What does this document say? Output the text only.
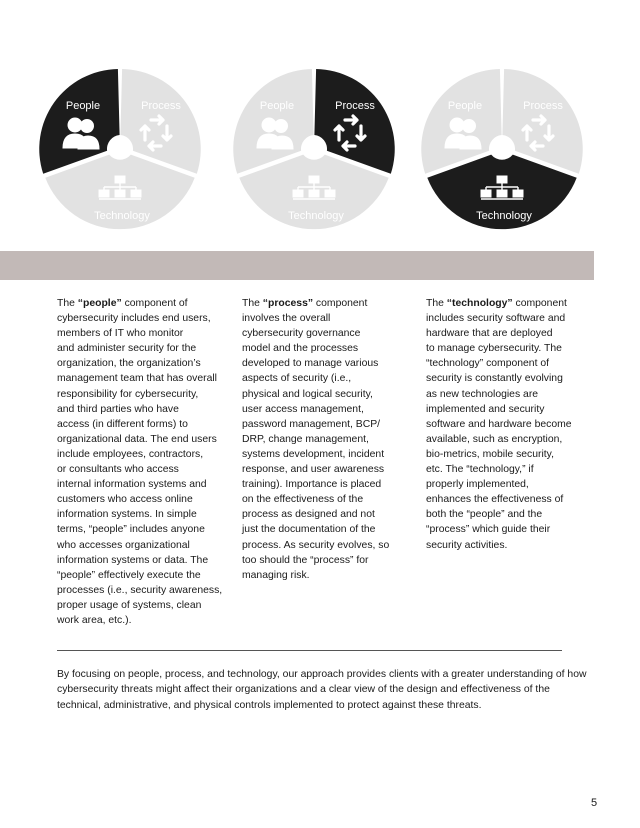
People	Process
Technology
People	Process
Technology
People	Process
Technology

The “people” component of
cybersecurity includes end users,
members of IT who monitor
and administer security for the
organization, the organization’s
management team that has overall
responsibility for cybersecurity,
and third parties who have
access (in different forms) to
organizational data. The end users
include employees, contractors,
or consultants who access
internal information systems and
customers who access online
information systems. In simple
terms, “people” includes anyone
who accesses organizational
information systems or data. The
“people” effectively execute the
processes (i.e., security awareness,
proper usage of systems, clean
work area, etc.).

The “process” component
involves the overall
cybersecurity governance
model and the processes
developed to manage various
aspects of security (i.e.,
physical and logical security,
user access management,
password management, BCP/
DRP, change management,
systems development, incident
response, and user awareness
training). Importance is placed
on the effectiveness of the
process as designed and not
just the documentation of the
process. As security evolves, so
too should the “process” for
managing risk.

The “technology” component
includes security software and
hardware that are deployed
to manage cybersecurity. The
“technology” component of
security is constantly evolving
as new technologies are
implemented and security
software and hardware become
available, such as encryption,
bio-metrics, mobile security,
etc. The “technology,” if
properly implemented,
enhances the effectiveness of
both the “people” and the
“process” which guide their
security activities.

By focusing on people, process, and technology, our approach provides clients with a greater understanding of how cybersecurity threats might affect their organizations and a clear view of the design and effectiveness of the technical, administrative, and physical controls implemented to protect against these threats.

5
